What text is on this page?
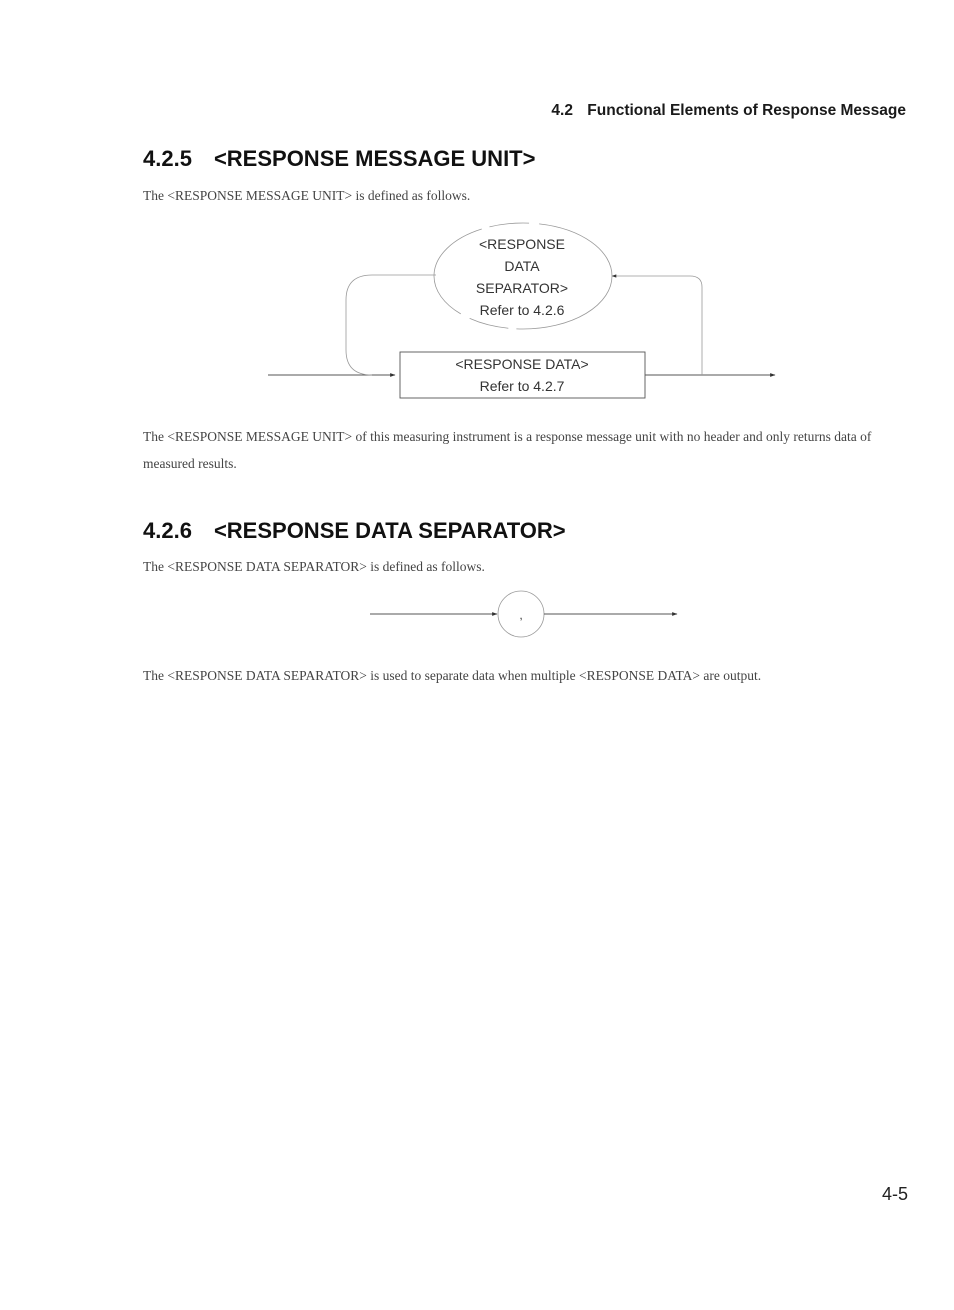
4.2 Functional Elements of Response Message
4.2.5 <RESPONSE MESSAGE UNIT>

The <RESPONSE MESSAGE UNIT> is defined as follows.

<RESPONSE DATA>
Refer to 4.2.7
<RESPONSE
DATA
SEPARATOR>
Refer to 4.2.6

The <RESPONSE MESSAGE UNIT> of this measuring instrument is a response message unit with no header and only returns data of measured results.

4.2.6 <RESPONSE DATA SEPARATOR>

The <RESPONSE DATA SEPARATOR> is defined as follows.

,

The <RESPONSE DATA SEPARATOR> is used to separate data when multiple <RESPONSE DATA> are output.

4-5
